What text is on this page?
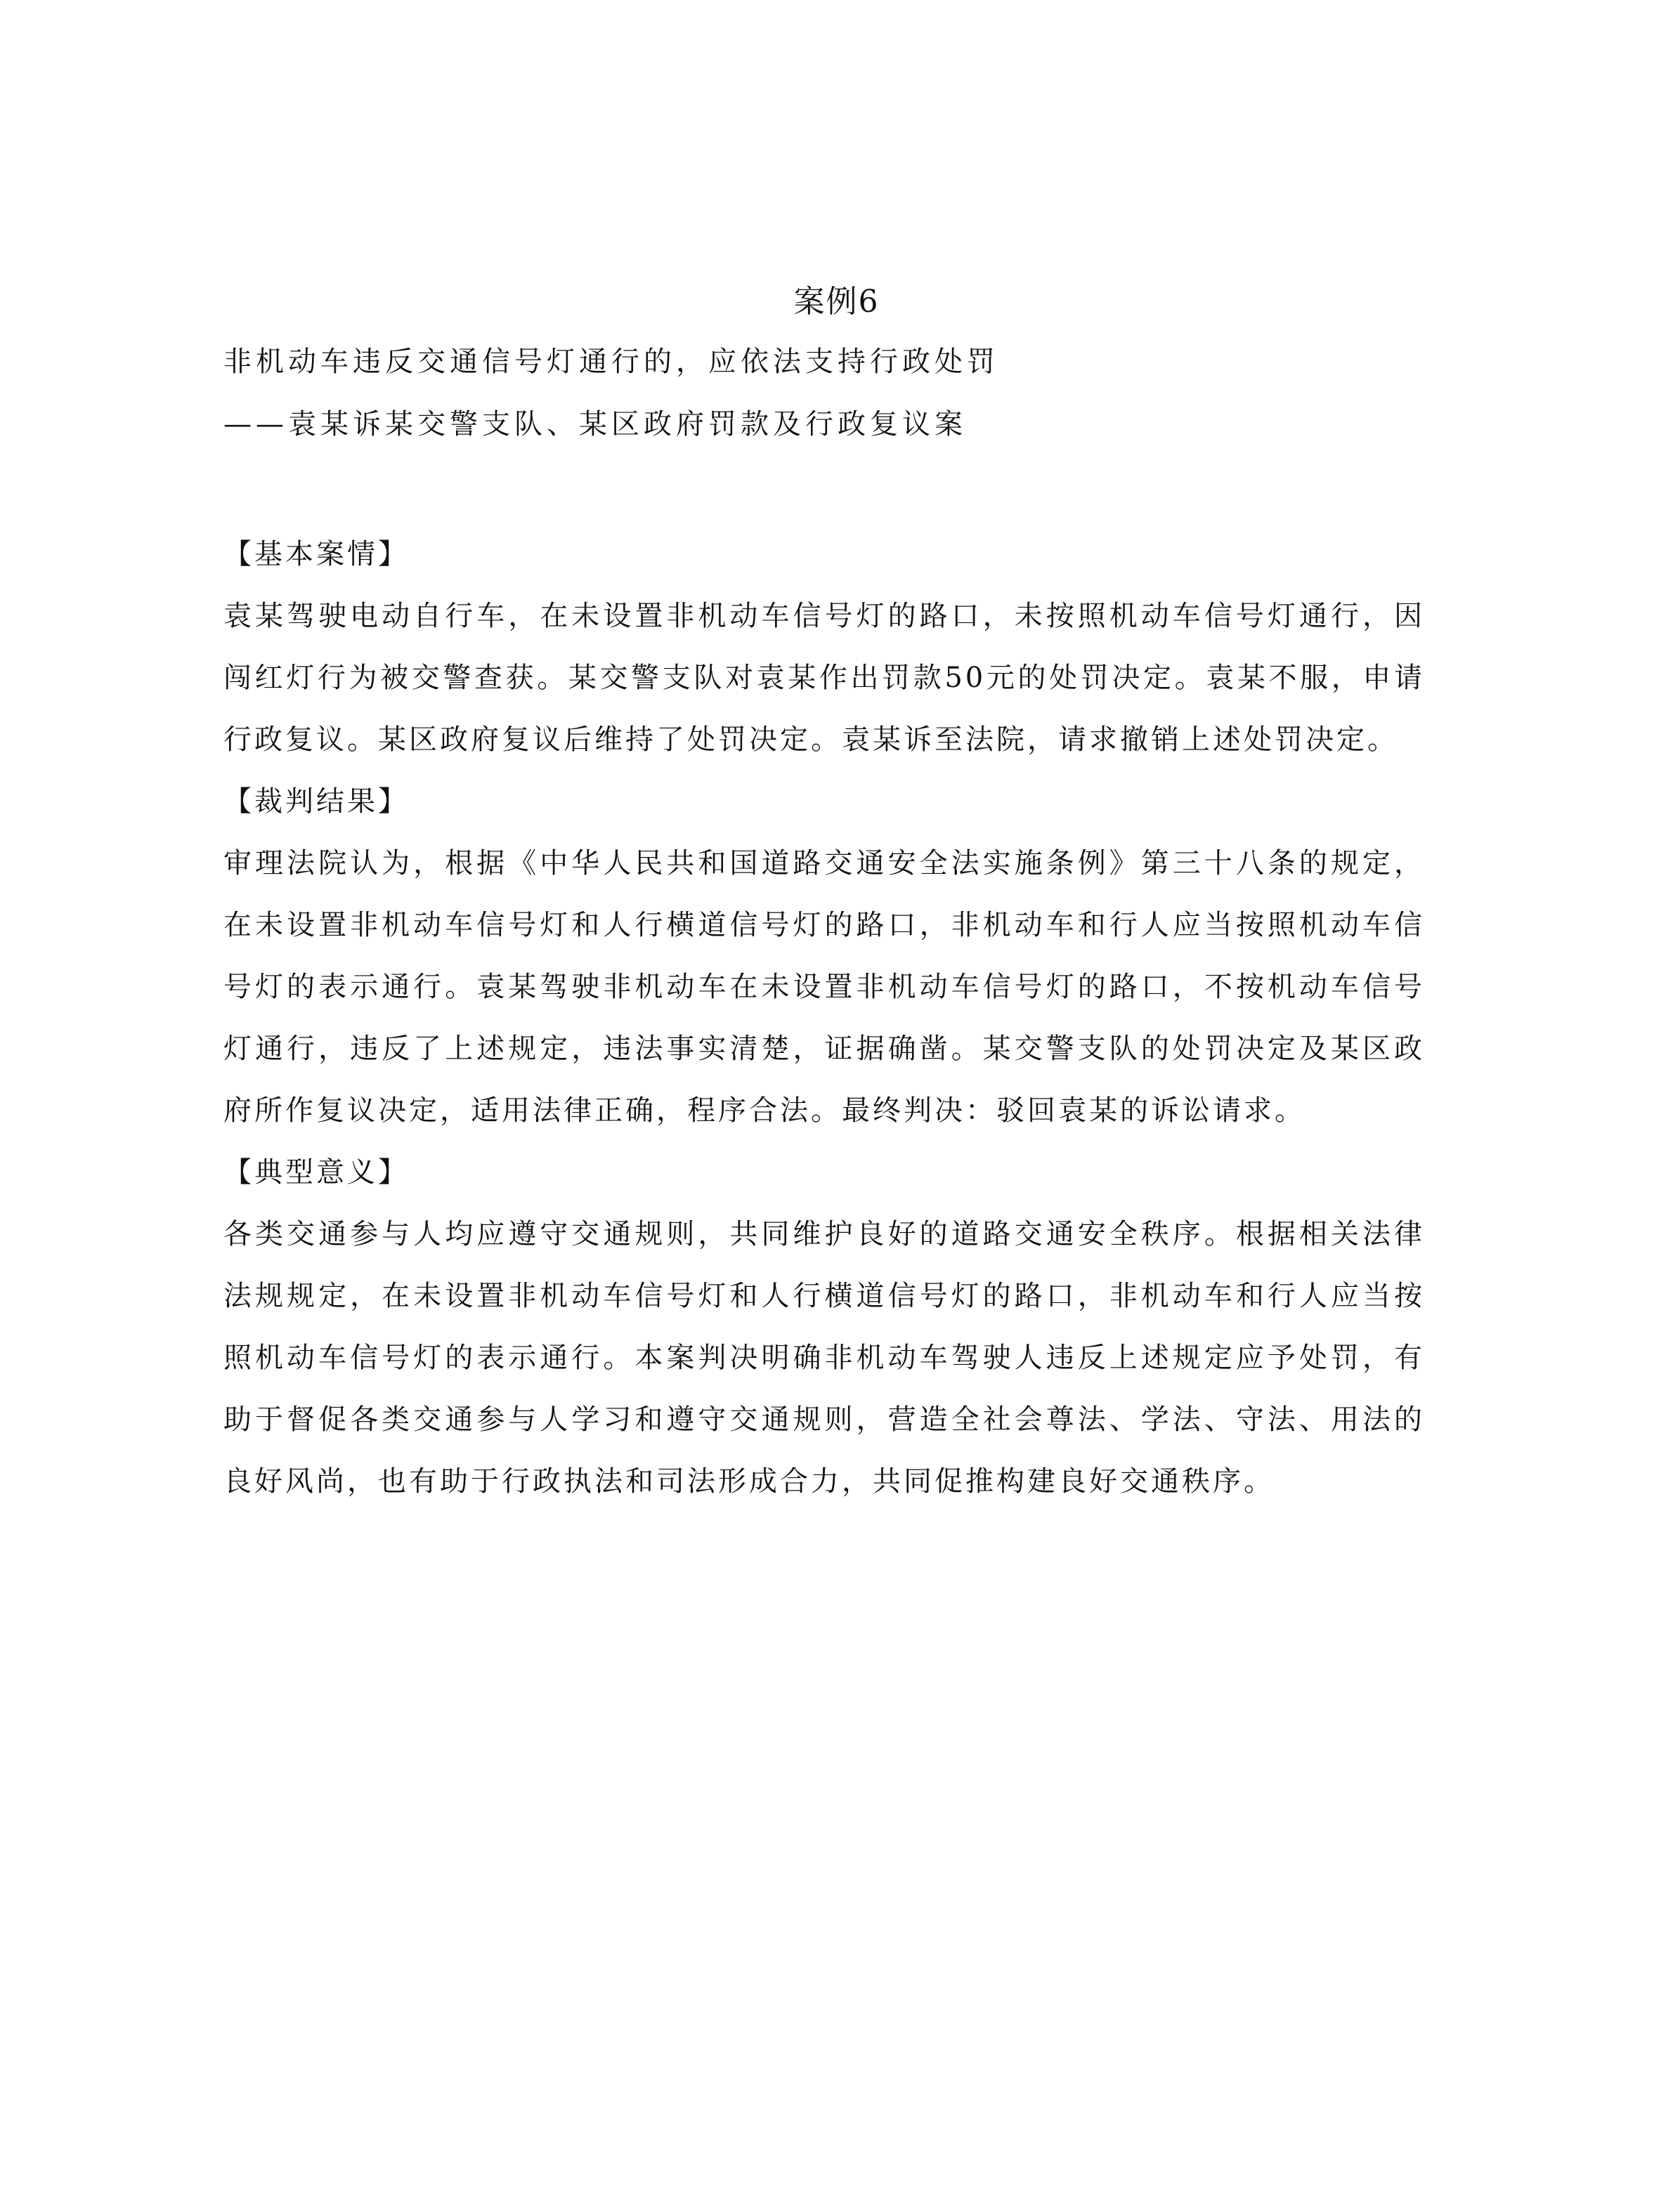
案例6
非机动车违反交通信号灯通行的，应依法支持行政处罚
——袁某诉某交警支队、某区政府罚款及行政复议案
【基本案情】
袁某驾驶电动自行车，在未设置非机动车信号灯的路口，未按照机动车信号灯通行，因闯红灯行为被交警查获。某交警支队对袁某作出罚款50元的处罚决定。袁某不服，申请行政复议。某区政府复议后维持了处罚决定。袁某诉至法院，请求撤销上述处罚决定。
【裁判结果】
审理法院认为，根据《中华人民共和国道路交通安全法实施条例》第三十八条的规定，在未设置非机动车信号灯和人行横道信号灯的路口，非机动车和行人应当按照机动车信号灯的表示通行。袁某驾驶非机动车在未设置非机动车信号灯的路口，不按机动车信号灯通行，违反了上述规定，违法事实清楚，证据确凿。某交警支队的处罚决定及某区政府所作复议决定，适用法律正确，程序合法。最终判决：驳回袁某的诉讼请求。
【典型意义】
各类交通参与人均应遵守交通规则，共同维护良好的道路交通安全秩序。根据相关法律法规规定，在未设置非机动车信号灯和人行横道信号灯的路口，非机动车和行人应当按照机动车信号灯的表示通行。本案判决明确非机动车驾驶人违反上述规定应予处罚，有助于督促各类交通参与人学习和遵守交通规则，营造全社会尊法、学法、守法、用法的良好风尚，也有助于行政执法和司法形成合力，共同促推构建良好交通秩序。
